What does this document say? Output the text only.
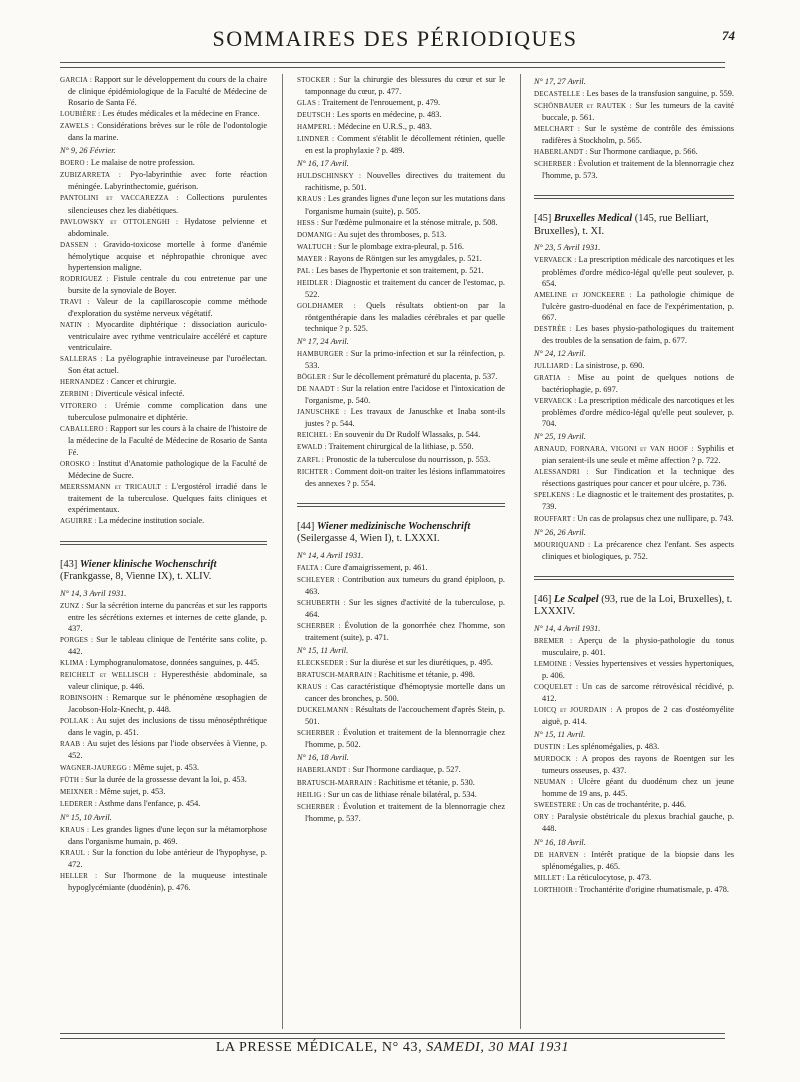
SOMMAIRES DES PÉRIODIQUES	74

GARCIA : Rapport sur le développement du cours de la chaire de clinique épidémiologique de la Faculté de Médecine de Rosario de Santa Fé.

LOUBIÈRE : Les études médicales et la médecine en France.

ZAWELS : Considérations brèves sur le rôle de l'odontologie dans la marine.

N° 9, 26 Février.

BOERO : Le malaise de notre profession.

ZUBIZARRETA : Pyo-labyrinthie avec forte réaction méningée. Labyrinthectomie, guérison.

PANTOLINI et VACCAREZZA : Collections purulentes silencieuses chez les diabétiques.

PAVLOWSKY et OTTOLENGHI : Hydatose pelvienne et abdominale.

DASSEN : Gravido-toxicose mortelle à forme d'anémie hémolytique acquise et néphropathie chronique avec hypertension maligne.

RODRIGUEZ : Fistule centrale du cou entretenue par une bursite de la synoviale de Boyer.

TRAVI : Valeur de la capillaroscopie comme méthode d'exploration du système nerveux végétatif.

NATIN : Myocardite diphtérique : dissociation auriculo-ventriculaire avec rythme ventriculaire accéléré et capture ventriculaire.

SALLERAS : La pyélographie intraveineuse par l'uroélectan. Son état actuel.

HERNANDEZ : Cancer et chirurgie.

ZERBINI : Diverticule vésical infecté.

VITORERO : Urémie comme complication dans une tuberculose pulmonaire et diphtérie.

CABALLERO : Rapport sur les cours à la chaire de l'histoire de la médecine de la Faculté de Médecine de Rosario de Santa Fé.

OROSKO : Institut d'Anatomie pathologique de la Faculté de Médecine de Sucre.

MEERSSMANN et TRICAULT : L'ergostérol irradié dans le traitement de la tuberculose. Quelques faits cliniques et expérimentaux.

AGUIRRE : La médecine institution sociale.

[43] Wiener klinische Wochenschrift (Frankgasse, 8, Vienne IX), t. XLIV.
N° 14, 3 Avril 1931.

ZUNZ : Sur la sécrétion interne du pancréas et sur les rapports entre les sécrétions externes et internes de cette glande, p. 437.

PORGES : Sur le tableau clinique de l'entérite sans colite, p. 442.

KLIMA : Lymphogranulomatose, données sanguines, p. 445.

REICHELT et WELLISCH : Hyperesthésie abdominale, sa valeur clinique, p. 446.

ROBINSOHN : Remarque sur le phénomène œsophagien de Jacobson-Holz-Knecht, p. 448.

POLLAK : Au sujet des inclusions de tissu ménosépthrétique dans le vagin, p. 451.

RAAB : Au sujet des lésions par l'iode observées à Vienne, p. 452.

WAGNER-JAUREGG : Même sujet, p. 453.

FÜTH : Sur la durée de la grossesse devant la loi, p. 453.

MEIXNER : Même sujet, p. 453.

LEDERER : Asthme dans l'enfance, p. 454.

N° 15, 10 Avril.

KRAUS : Les grandes lignes d'une leçon sur la métamorphose dans l'organisme humain, p. 469.

KRAUL : Sur la fonction du lobe antérieur de l'hypophyse, p. 472.

HELLER : Sur l'hormone de la muqueuse intestinale hypoglycémiante (duodénin), p. 476.

STOCKER : Sur la chirurgie des blessures du cœur et sur le tamponnage du cœur, p. 477.

GLAS : Traitement de l'enrouement, p. 479.

DEUTSCH : Les sports en médecine, p. 483.

HAMPERL : Médecine en U.R.S., p. 483.

LINDNER : Comment s'établit le décollement rétinien, quelle en est la prophylaxie ? p. 489.

N° 16, 17 Avril.

HULDSCHINSKY : Nouvelles directives du traitement du rachitisme, p. 501.

KRAUS : Les grandes lignes d'une leçon sur les mutations dans l'organisme humain (suite), p. 505.

HESS : Sur l'œdème pulmonaire et la sténose mitrale, p. 508.

DOMANIG : Au sujet des thromboses, p. 513.

WALTUCH : Sur le plombage extra-pleural, p. 516.

MAYER : Rayons de Röntgen sur les amygdales, p. 521.

PAL : Les bases de l'hypertonie et son traitement, p. 521.

HEIDLER : Diagnostic et traitement du cancer de l'estomac, p. 522.

GOLDHAMER : Quels résultats obtient-on par la röntgenthérapie dans les maladies cérébrales et par quelle technique ? p. 525.

N° 17, 24 Avril.

HAMBURGER : Sur la primo-infection et sur la réinfection, p. 533.

BÖGLER : Sur le décollement prématuré du placenta, p. 537.

DE NAADT : Sur la relation entre l'acidose et l'intoxication de l'organisme, p. 540.

JANUSCHKE : Les travaux de Januschke et Inaba sont-ils justes ? p. 544.

REICHEL : En souvenir du Dr Rudolf Wlassaks, p. 544.

EWALD : Traitement chirurgical de la lithiase, p. 550.

ZARFL : Pronostic de la tuberculose du nourrisson, p. 553.

RICHTER : Comment doit-on traiter les lésions inflammatoires des annexes ? p. 554.

[44] Wiener medizinische Wochenschrift (Seilergasse 4, Wien I), t. LXXXI.
N° 14, 4 Avril 1931.

FALTA : Cure d'amaigrissement, p. 461.

SCHLEYER : Contribution aux tumeurs du grand épiploon, p. 463.

SCHUBERTH : Sur les signes d'activité de la tuberculose, p. 464.

SCHERBER : Évolution de la gonorrhée chez l'homme, son traitement (suite), p. 471.

N° 15, 11 Avril.

ELECKSEDER : Sur la diurèse et sur les diurétiques, p. 495.

BRATUSCH-MARRAIN : Rachitisme et tétanie, p. 498.

KRAUS : Cas caractéristique d'hémoptysie mortelle dans un cancer des bronches, p. 500.

DUCKELMANN : Résultats de l'accouchement d'après Stein, p. 501.

SCHERBER : Évolution et traitement de la blennorragie chez l'homme, p. 502.

N° 16, 18 Avril.

HABERLANDT : Sur l'hormone cardiaque, p. 527.

BRATUSCH-MARRAIN : Rachitisme et tétanie, p. 530.

HEILIG : Sur un cas de lithiase rénale bilatéral, p. 534.

SCHERBER : Évolution et traitement de la blennorragie chez l'homme, p. 537.

N° 17, 27 Avril.

DECASTELLE : Les bases de la transfusion sanguine, p. 559.

SCHÖNBAUER et RAUTEK : Sur les tumeurs de la cavité buccale, p. 561.

MELCHART : Sur le système de contrôle des émissions radifères à Stockholm, p. 565.

HABERLANDT : Sur l'hormone cardiaque, p. 566.

SCHERBER : Évolution et traitement de la blennorragie chez l'homme, p. 573.

[45] Bruxelles Medical (145, rue Belliart, Bruxelles), t. XI.
N° 23, 5 Avril 1931.

VERVAECK : La prescription médicale des narcotiques et les problèmes d'ordre médico-légal qu'elle peut soulever, p. 654.

AMELINE et JONCKEERE : La pathologie chimique de l'ulcère gastro-duodénal en face de l'expérimentation, p. 667.

DESTRÉE : Les bases physio-pathologiques du traitement des troubles de la sensation de faim, p. 677.

N° 24, 12 Avril.

JULLIARD : La sinistrose, p. 690.

GRATIA : Mise au point de quelques notions de bactériophagie, p. 697.

VERVAECK : La prescription médicale des narcotiques et les problèmes d'ordre médico-légal qu'elle peut soulever, p. 704.

N° 25, 19 Avril.

ARNAUD, FORNARA, VIGONI et VAN HOOF : Syphilis et pian seraient-ils une seule et même affection ? p. 722.

ALESSANDRI : Sur l'indication et la technique des résections gastriques pour cancer et pour ulcère, p. 736.

SPELKENS : Le diagnostic et le traitement des prostatites, p. 739.

ROUFFART : Un cas de prolapsus chez une nullipare, p. 743.

N° 26, 26 Avril.

MOURIQUAND : La précarence chez l'enfant. Ses aspects cliniques et biologiques, p. 752.

[46] Le Scalpel (93, rue de la Loi, Bruxelles), t. LXXXIV.
N° 14, 4 Avril 1931.

BREMER : Aperçu de la physio-pathologie du tonus musculaire, p. 401.

LEMOINE : Vessies hypertensives et vessies hypertoniques, p. 406.

COQUELET : Un cas de sarcome rétrovésical récidivé, p. 412.

LOICQ et JOURDAIN : A propos de 2 cas d'ostéomyélite aiguë, p. 414.

N° 15, 11 Avril.

DUSTIN : Les splénomégalies, p. 483.

MURDOCK : A propos des rayons de Roentgen sur les tumeurs osseuses, p. 437.

NEUMAN : Ulcère géant du duodénum chez un jeune homme de 19 ans, p. 445.

SWEESTERE : Un cas de trochantérite, p. 446.

ORY : Paralysie obstétricale du plexus brachial gauche, p. 448.

N° 16, 18 Avril.

DE HARVEN : Intérêt pratique de la biopsie dans les splénomégalies, p. 465.

MILLET : La réticulocytose, p. 473.

LORTHIOIR : Trochantérite d'origine rhumatismale, p. 478.

LA PRESSE MÉDICALE, N° 43, SAMEDI, 30 MAI 1931
